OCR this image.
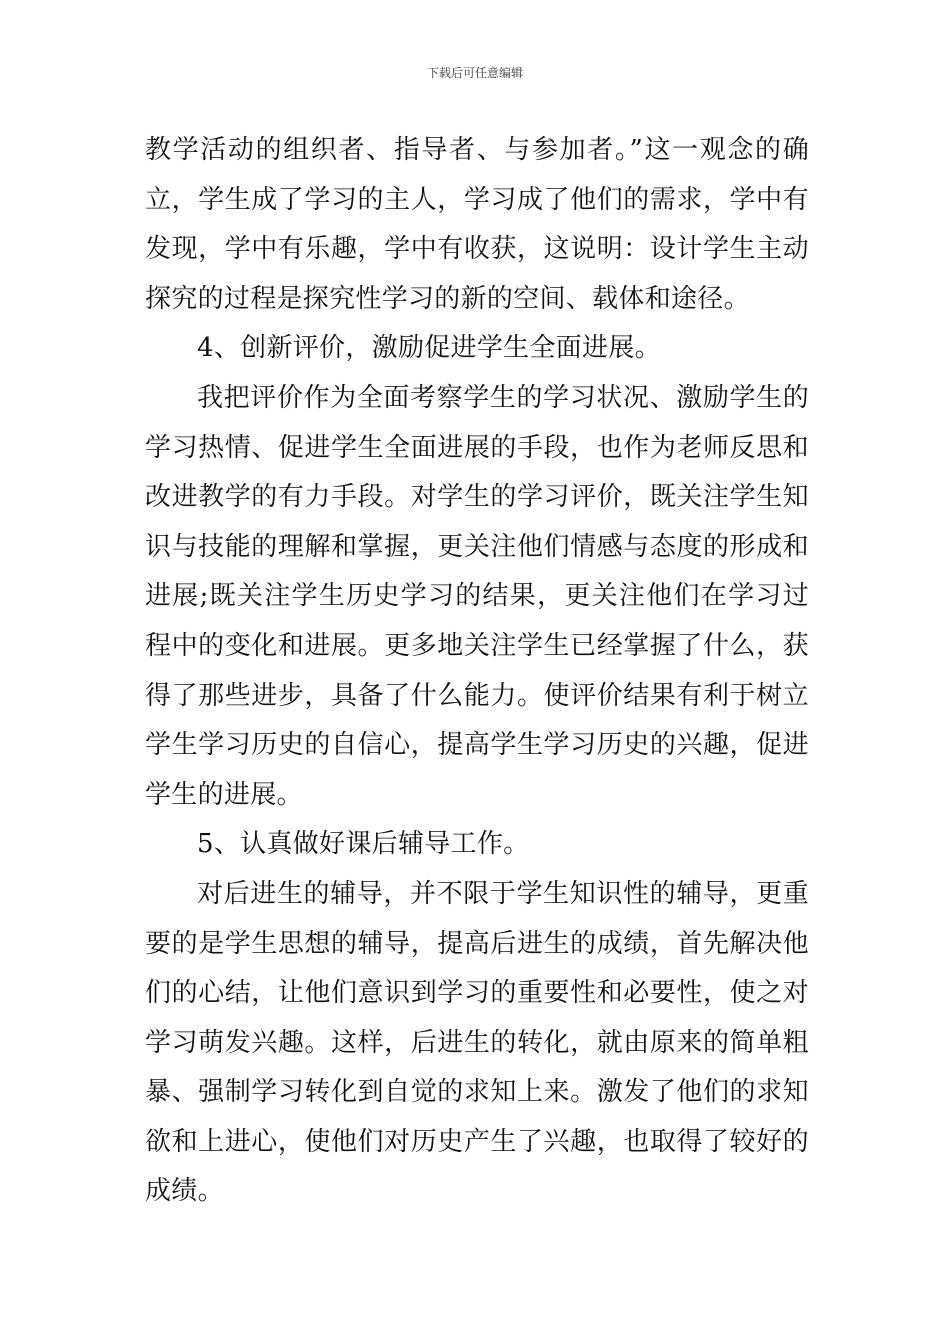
下载后可任意编辑

教学活动的组织者、指导者、与参加者。”这一观念的确立，学生成了学习的主人，学习成了他们的需求，学中有发现，学中有乐趣，学中有收获，这说明：设计学生主动探究的过程是探究性学习的新的空间、载体和途径。

4、创新评价，激励促进学生全面进展。

我把评价作为全面考察学生的学习状况、激励学生的学习热情、促进学生全面进展的手段，也作为老师反思和改进教学的有力手段。对学生的学习评价，既关注学生知识与技能的理解和掌握，更关注他们情感与态度的形成和进展;既关注学生历史学习的结果，更关注他们在学习过程中的变化和进展。更多地关注学生已经掌握了什么，获得了那些进步，具备了什么能力。使评价结果有利于树立学生学习历史的自信心，提高学生学习历史的兴趣，促进学生的进展。

5、认真做好课后辅导工作。

对后进生的辅导，并不限于学生知识性的辅导，更重要的是学生思想的辅导，提高后进生的成绩，首先解决他们的心结，让他们意识到学习的重要性和必要性，使之对学习萌发兴趣。这样，后进生的转化，就由原来的简单粗暴、强制学习转化到自觉的求知上来。激发了他们的求知欲和上进心，使他们对历史产生了兴趣，也取得了较好的成绩。
